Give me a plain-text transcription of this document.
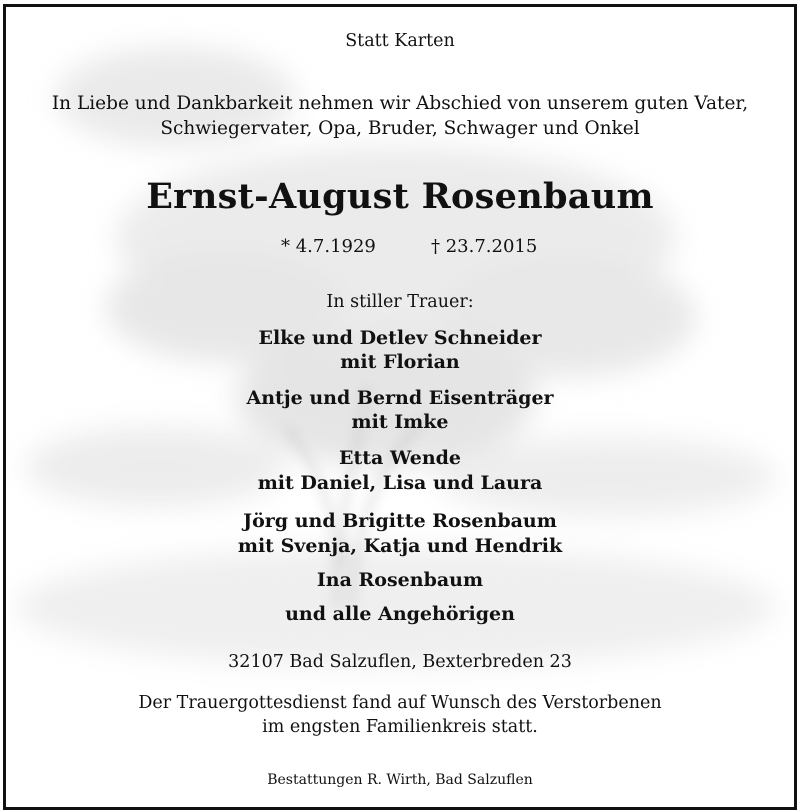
Statt Karten
In Liebe und Dankbarkeit nehmen wir Abschied von unserem guten Vater,
Schwiegervater, Opa, Bruder, Schwager und Onkel
Ernst-August Rosenbaum
* 4.7.1929	† 23.7.2015
In stiller Trauer:
Elke und Detlev Schneider
mit Florian
Antje und Bernd Eisenträger
mit Imke
Etta Wende
mit Daniel, Lisa und Laura
Jörg und Brigitte Rosenbaum
mit Svenja, Katja und Hendrik
Ina Rosenbaum
und alle Angehörigen
32107 Bad Salzuflen, Bexterbreden 23
Der Trauergottesdienst fand auf Wunsch des Verstorbenen
im engsten Familienkreis statt.
Bestattungen R. Wirth, Bad Salzuflen
